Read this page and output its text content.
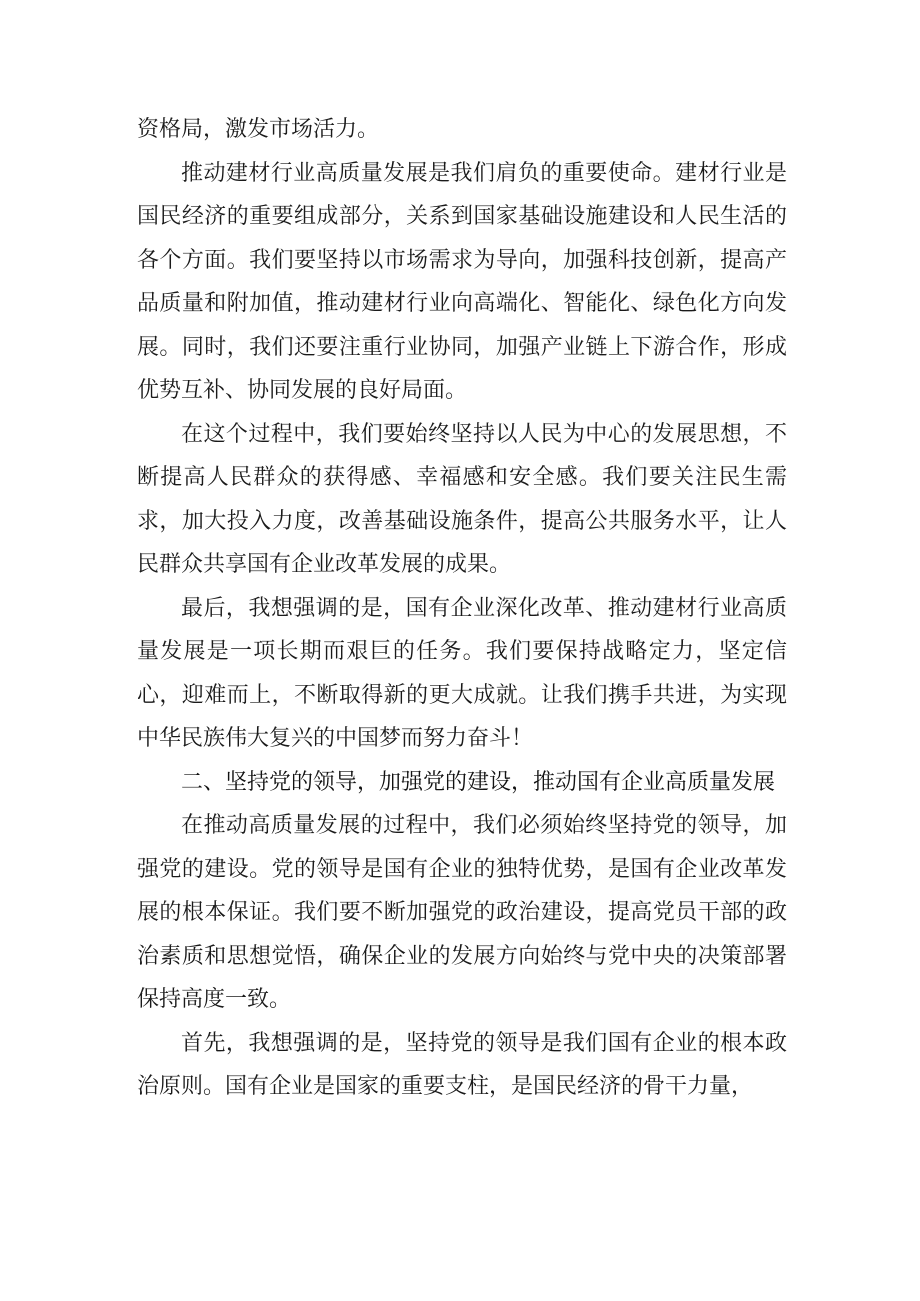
资格局，激发市场活力。

推动建材行业高质量发展是我们肩负的重要使命。建材行业是国民经济的重要组成部分，关系到国家基础设施建设和人民生活的各个方面。我们要坚持以市场需求为导向，加强科技创新，提高产品质量和附加值，推动建材行业向高端化、智能化、绿色化方向发展。同时，我们还要注重行业协同，加强产业链上下游合作，形成优势互补、协同发展的良好局面。

在这个过程中，我们要始终坚持以人民为中心的发展思想，不断提高人民群众的获得感、幸福感和安全感。我们要关注民生需求，加大投入力度，改善基础设施条件，提高公共服务水平，让人民群众共享国有企业改革发展的成果。

最后，我想强调的是，国有企业深化改革、推动建材行业高质量发展是一项长期而艰巨的任务。我们要保持战略定力，坚定信心，迎难而上，不断取得新的更大成就。让我们携手共进，为实现中华民族伟大复兴的中国梦而努力奋斗！

二、坚持党的领导，加强党的建设，推动国有企业高质量发展

在推动高质量发展的过程中，我们必须始终坚持党的领导，加强党的建设。党的领导是国有企业的独特优势，是国有企业改革发展的根本保证。我们要不断加强党的政治建设，提高党员干部的政治素质和思想觉悟，确保企业的发展方向始终与党中央的决策部署保持高度一致。

首先，我想强调的是，坚持党的领导是我们国有企业的根本政治原则。国有企业是国家的重要支柱，是国民经济的骨干力量，
